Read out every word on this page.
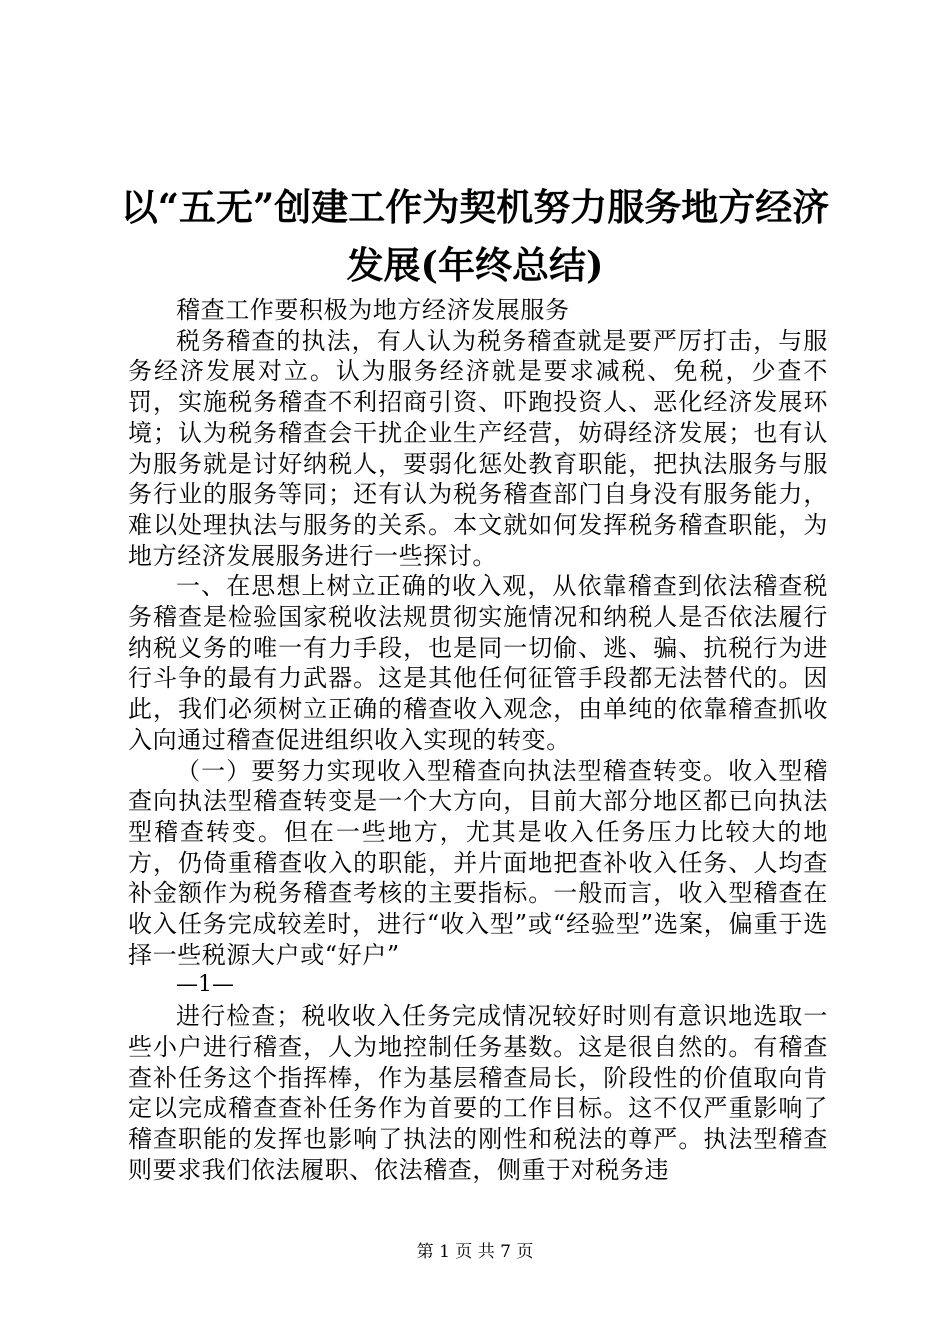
以“五无”创建工作为契机努力服务地方经济
发展(年终总结)

稽查工作要积极为地方经济发展服务

税务稽查的执法，有人认为税务稽查就是要严厉打击，与服务经济发展对立。认为服务经济就是要求减税、免税，少查不罚，实施税务稽查不利招商引资、吓跑投资人、恶化经济发展环境；认为税务稽查会干扰企业生产经营，妨碍经济发展；也有认为服务就是讨好纳税人，要弱化惩处教育职能，把执法服务与服务行业的服务等同；还有认为税务稽查部门自身没有服务能力，难以处理执法与服务的关系。本文就如何发挥税务稽查职能，为地方经济发展服务进行一些探讨。

一、在思想上树立正确的收入观，从依靠稽查到依法稽查税务稽查是检验国家税收法规贯彻实施情况和纳税人是否依法履行纳税义务的唯一有力手段，也是同一切偷、逃、骗、抗税行为进行斗争的最有力武器。这是其他任何征管手段都无法替代的。因此，我们必须树立正确的稽查收入观念，由单纯的依靠稽查抓收入向通过稽查促进组织收入实现的转变。

（一）要努力实现收入型稽查向执法型稽查转变。收入型稽查向执法型稽查转变是一个大方向，目前大部分地区都已向执法型稽查转变。但在一些地方，尤其是收入任务压力比较大的地方，仍倚重稽查收入的职能，并片面地把查补收入任务、人均查补金额作为税务稽查考核的主要指标。一般而言，收入型稽查在收入任务完成较差时，进行“收入型”或“经验型”选案，偏重于选择一些税源大户或“好户”

—1—

进行检查；税收收入任务完成情况较好时则有意识地选取一些小户进行稽查，人为地控制任务基数。这是很自然的。有稽查查补任务这个指挥棒，作为基层稽查局长，阶段性的价值取向肯定以完成稽查查补任务作为首要的工作目标。这不仅严重影响了稽查职能的发挥也影响了执法的刚性和税法的尊严。执法型稽查则要求我们依法履职、依法稽查，侧重于对税务违

第 1 页 共 7 页
